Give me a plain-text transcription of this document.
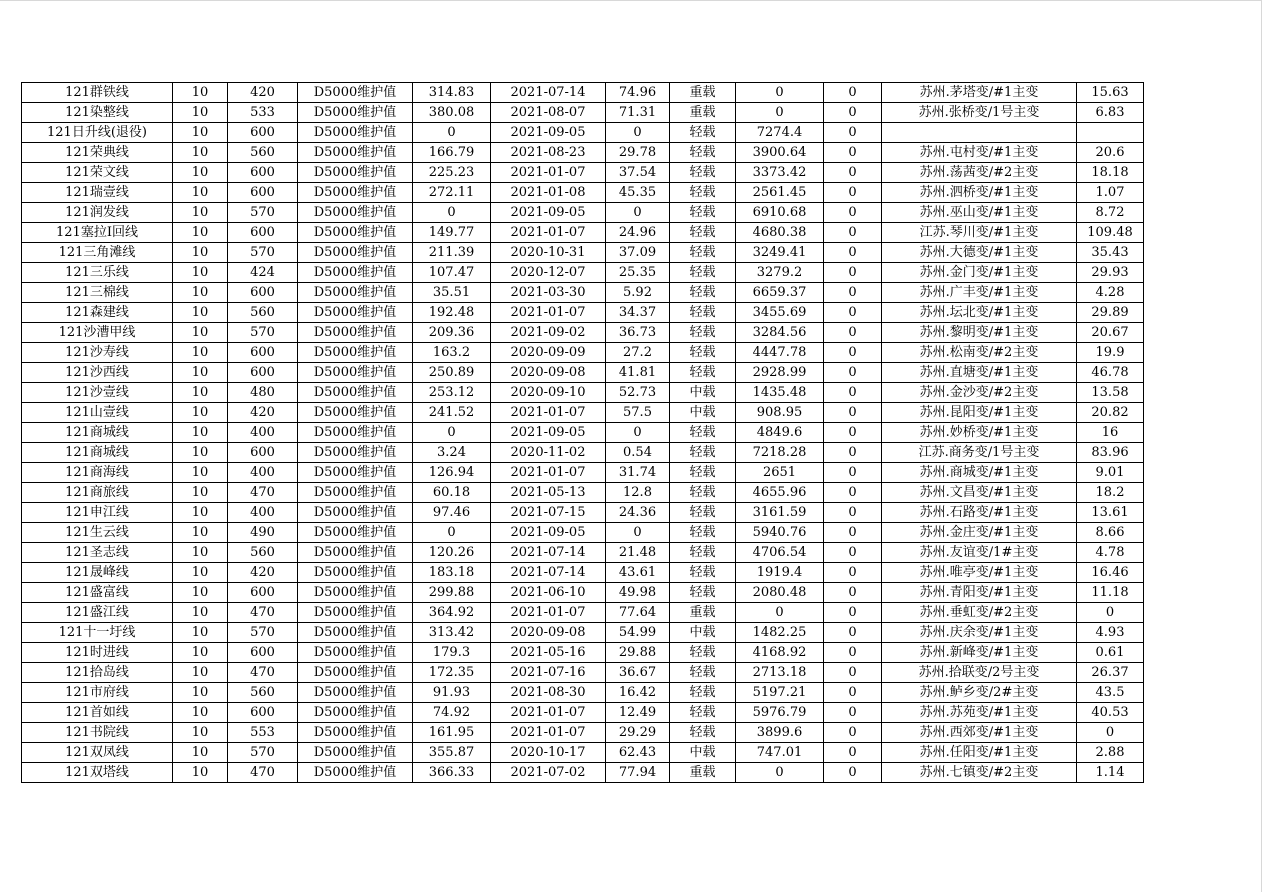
121群铁线	10	420	D5000维护值	314.83	2021-07-14	74.96	重载	0	0	苏州.茅塔变/#1主变	15.63
121染整线	10	533	D5000维护值	380.08	2021-08-07	71.31	重载	0	0	苏州.张桥变/1号主变	6.83
121日升线(退役)	10	600	D5000维护值	0	2021-09-05	0	轻载	7274.4	0		
121荣典线	10	560	D5000维护值	166.79	2021-08-23	29.78	轻载	3900.64	0	苏州.屯村变/#1主变	20.6
121荣文线	10	600	D5000维护值	225.23	2021-01-07	37.54	轻载	3373.42	0	苏州.荡茜变/#2主变	18.18
121瑞壹线	10	600	D5000维护值	272.11	2021-01-08	45.35	轻载	2561.45	0	苏州.泗桥变/#1主变	1.07
121润发线	10	570	D5000维护值	0	2021-09-05	0	轻载	6910.68	0	苏州.巫山变/#1主变	8.72
121塞拉Ⅰ回线	10	600	D5000维护值	149.77	2021-01-07	24.96	轻载	4680.38	0	江苏.琴川变/#1主变	109.48
121三角滩线	10	570	D5000维护值	211.39	2020-10-31	37.09	轻载	3249.41	0	苏州.大德变/#1主变	35.43
121三乐线	10	424	D5000维护值	107.47	2020-12-07	25.35	轻载	3279.2	0	苏州.金门变/#1主变	29.93
121三棉线	10	600	D5000维护值	35.51	2021-03-30	5.92	轻载	6659.37	0	苏州.广丰变/#1主变	4.28
121森建线	10	560	D5000维护值	192.48	2021-01-07	34.37	轻载	3455.69	0	苏州.坛北变/#1主变	29.89
121沙漕甲线	10	570	D5000维护值	209.36	2021-09-02	36.73	轻载	3284.56	0	苏州.黎明变/#1主变	20.67
121沙寿线	10	600	D5000维护值	163.2	2020-09-09	27.2	轻载	4447.78	0	苏州.松南变/#2主变	19.9
121沙西线	10	600	D5000维护值	250.89	2020-09-08	41.81	轻载	2928.99	0	苏州.直塘变/#1主变	46.78
121沙壹线	10	480	D5000维护值	253.12	2020-09-10	52.73	中载	1435.48	0	苏州.金沙变/#2主变	13.58
121山壹线	10	420	D5000维护值	241.52	2021-01-07	57.5	中载	908.95	0	苏州.昆阳变/#1主变	20.82
121商城线	10	400	D5000维护值	0	2021-09-05	0	轻载	4849.6	0	苏州.妙桥变/#1主变	16
121商城线	10	600	D5000维护值	3.24	2020-11-02	0.54	轻载	7218.28	0	江苏.商务变/1号主变	83.96
121商海线	10	400	D5000维护值	126.94	2021-01-07	31.74	轻载	2651	0	苏州.商城变/#1主变	9.01
121商旅线	10	470	D5000维护值	60.18	2021-05-13	12.8	轻载	4655.96	0	苏州.文昌变/#1主变	18.2
121申江线	10	400	D5000维护值	97.46	2021-07-15	24.36	轻载	3161.59	0	苏州.石路变/#1主变	13.61
121生云线	10	490	D5000维护值	0	2021-09-05	0	轻载	5940.76	0	苏州.金庄变/#1主变	8.66
121圣志线	10	560	D5000维护值	120.26	2021-07-14	21.48	轻载	4706.54	0	苏州.友谊变/1#主变	4.78
121晟峰线	10	420	D5000维护值	183.18	2021-07-14	43.61	轻载	1919.4	0	苏州.唯亭变/#1主变	16.46
121盛富线	10	600	D5000维护值	299.88	2021-06-10	49.98	轻载	2080.48	0	苏州.青阳变/#1主变	11.18
121盛江线	10	470	D5000维护值	364.92	2021-01-07	77.64	重载	0	0	苏州.垂虹变/#2主变	0
121十一圩线	10	570	D5000维护值	313.42	2020-09-08	54.99	中载	1482.25	0	苏州.庆余变/#1主变	4.93
121时进线	10	600	D5000维护值	179.3	2021-05-16	29.88	轻载	4168.92	0	苏州.新峰变/#1主变	0.61
121拾岛线	10	470	D5000维护值	172.35	2021-07-16	36.67	轻载	2713.18	0	苏州.拾联变/2号主变	26.37
121市府线	10	560	D5000维护值	91.93	2021-08-30	16.42	轻载	5197.21	0	苏州.鲈乡变/2#主变	43.5
121首如线	10	600	D5000维护值	74.92	2021-01-07	12.49	轻载	5976.79	0	苏州.苏苑变/#1主变	40.53
121书院线	10	553	D5000维护值	161.95	2021-01-07	29.29	轻载	3899.6	0	苏州.西郊变/#1主变	0
121双凤线	10	570	D5000维护值	355.87	2020-10-17	62.43	中载	747.01	0	苏州.任阳变/#1主变	2.88
121双塔线	10	470	D5000维护值	366.33	2021-07-02	77.94	重载	0	0	苏州.七镇变/#2主变	1.14
